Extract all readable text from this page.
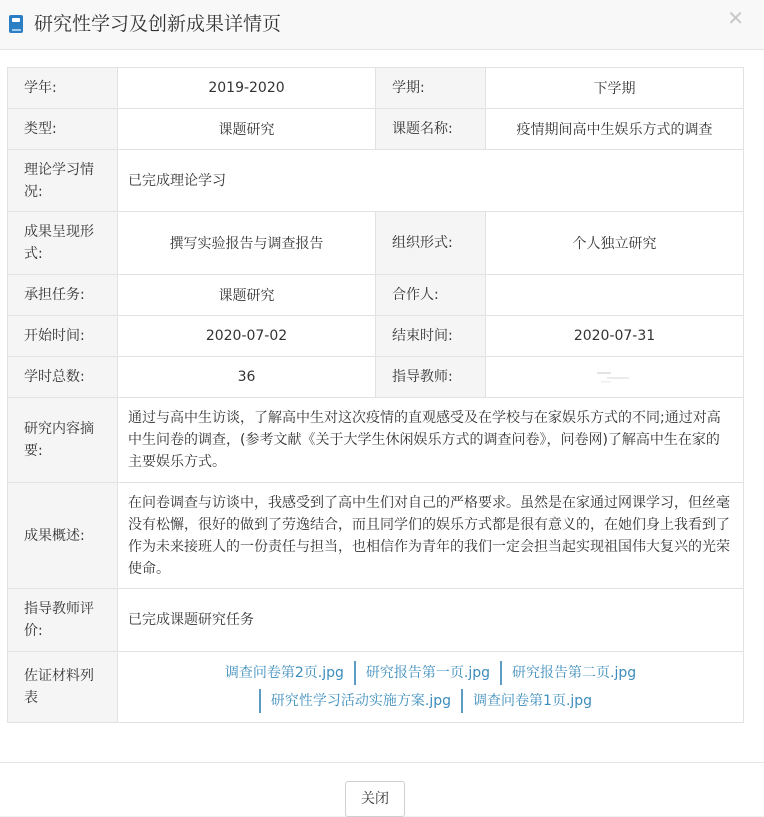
研究性学习及创新成果详情页	✕
学年:	2019-2020	学期:	下学期
类型:	课题研究	课题名称:	疫情期间高中生娱乐方式的调查
理论学习情况:	已完成理论学习		
成果呈现形式:	撰写实验报告与调查报告	组织形式:	个人独立研究
承担任务:	课题研究	合作人:	
开始时间:	2020-07-02	结束时间:	2020-07-31
学时总数:	36	指导教师:	
研究内容摘要:	通过与高中生访谈，了解高中生对这次疫情的直观感受及在学校与在家娱乐方式的不同;通过对高中生问卷的调查，(参考文献《关于大学生休闲娱乐方式的调查问卷》，问卷网)了解高中生在家的主要娱乐方式。		
成果概述:	在问卷调查与访谈中，我感受到了高中生们对自己的严格要求。虽然是在家通过网课学习，但丝毫没有松懈，很好的做到了劳逸结合，而且同学们的娱乐方式都是很有意义的，在她们身上我看到了作为未来接班人的一份责任与担当，也相信作为青年的我们一定会担当起实现祖国伟大复兴的光荣使命。		
指导教师评价:	已完成课题研究任务		
佐证材料列表	调查问卷第2页.jpg 研究报告第一页.jpg 研究报告第二页.jpg
研究性学习活动实施方案.jpg 调查问卷第1页.jpg		
关闭
